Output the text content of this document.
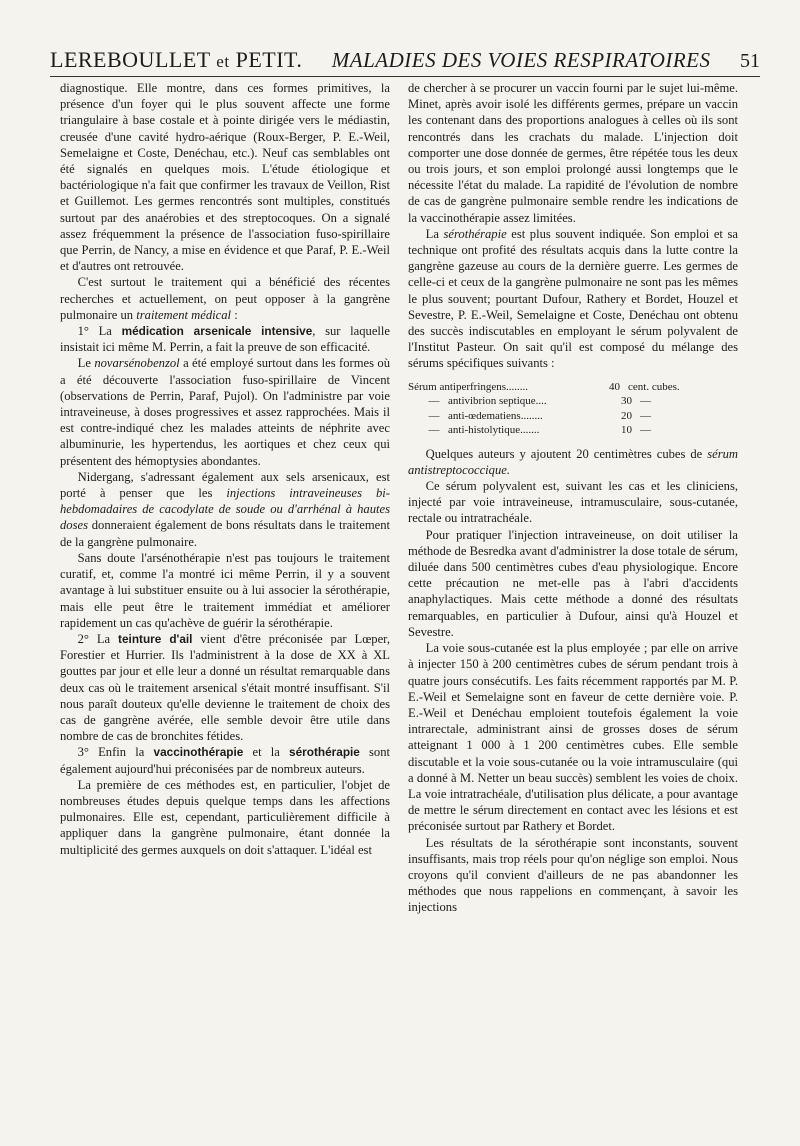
LEREBOULLET et PETIT. MALADIES DES VOIES RESPIRATOIRES 51

diagnostique. Elle montre, dans ces formes primitives, la présence d'un foyer qui le plus souvent affecte une forme triangulaire à base costale et à pointe dirigée vers le médiastin, creusée d'une cavité hydro-aérique (Roux-Berger, P. E.-Weil, Semelaigne et Coste, Denéchau, etc.). Neuf cas semblables ont été signalés en quelques mois. L'étude étiologique et bactériologique n'a fait que confirmer les travaux de Veillon, Rist et Guillemot. Les germes rencontrés sont multiples, constitués surtout par des anaérobies et des streptocoques. On a signalé assez fréquemment la présence de l'association fuso-spirillaire que Perrin, de Nancy, a mise en évidence et que Paraf, P. E.-Weil et d'autres ont retrouvée.

C'est surtout le traitement qui a bénéficié des récentes recherches et actuellement, on peut opposer à la gangrène pulmonaire un traitement médical :

1° La médication arsenicale intensive, sur laquelle insistait ici même M. Perrin, a fait la preuve de son efficacité.

Le novarsénobenzol a été employé surtout dans les formes où a été découverte l'association fuso-spirillaire de Vincent (observations de Perrin, Paraf, Pujol). On l'administre par voie intraveineuse, à doses progressives et assez rapprochées. Mais il est contre-indiqué chez les malades atteints de néphrite avec albuminurie, les hypertendus, les aortiques et chez ceux qui présentent des hémoptysies abondantes.

Nidergang, s'adressant également aux sels arsenicaux, est porté à penser que les injections intraveineuses bi-hebdomadaires de cacodylate de soude ou d'arrhénal à hautes doses donneraient également de bons résultats dans le traitement de la gangrène pulmonaire.

Sans doute l'arsénothérapie n'est pas toujours le traitement curatif, et, comme l'a montré ici même Perrin, il y a souvent avantage à lui substituer ensuite ou à lui associer la sérothérapie, mais elle peut être le traitement immédiat et améliorer rapidement un cas qu'achève de guérir la sérothérapie.

2° La teinture d'ail vient d'être préconisée par Lœper, Forestier et Hurrier. Ils l'administrent à la dose de XX à XL gouttes par jour et elle leur a donné un résultat remarquable dans deux cas où le traitement arsenical s'était montré insuffisant. S'il nous paraît douteux qu'elle devienne le traitement de choix des cas de gangrène avérée, elle semble devoir être utile dans nombre de cas de bronchites fétides.

3° Enfin la vaccinothérapie et la sérothérapie sont également aujourd'hui préconisées par de nombreux auteurs.

La première de ces méthodes est, en particulier, l'objet de nombreuses études depuis quelque temps dans les affections pulmonaires. Elle est, cependant, particulièrement difficile à appliquer dans la gangrène pulmonaire, étant donnée la multiplicité des germes auxquels on doit s'attaquer. L'idéal est

de chercher à se procurer un vaccin fourni par le sujet lui-même. Minet, après avoir isolé les différents germes, prépare un vaccin les contenant dans des proportions analogues à celles où ils sont rencontrés dans les crachats du malade. L'injection doit comporter une dose donnée de germes, être répétée tous les deux ou trois jours, et son emploi prolongé aussi longtemps que le nécessite l'état du malade. La rapidité de l'évolution de nombre de cas de gangrène pulmonaire semble rendre les indications de la vaccinothérapie assez limitées.

La sérothérapie est plus souvent indiquée. Son emploi et sa technique ont profité des résultats acquis dans la lutte contre la gangrène gazeuse au cours de la dernière guerre. Les germes de celle-ci et ceux de la gangrène pulmonaire ne sont pas les mêmes le plus souvent; pourtant Dufour, Rathery et Bordet, Houzel et Sevestre, P. E.-Weil, Semelaigne et Coste, Denéchau ont obtenu des succès indiscutables en employant le sérum polyvalent de l'Institut Pasteur. On sait qu'il est composé du mélange des sérums spécifiques suivants :

Sérum antiperfringens........	40 cent. cubes.
— antivibrion septique....	30 —
— anti-œdematiens........	20 —
— anti-histolytique.......	10 —

Quelques auteurs y ajoutent 20 centimètres cubes de sérum antistreptococcique.

Ce sérum polyvalent est, suivant les cas et les cliniciens, injecté par voie intraveineuse, intramusculaire, sous-cutanée, rectale ou intratrachéale.

Pour pratiquer l'injection intraveineuse, on doit utiliser la méthode de Besredka avant d'administrer la dose totale de sérum, diluée dans 500 centimètres cubes d'eau physiologique. Encore cette précaution ne met-elle pas à l'abri d'accidents anaphylactiques. Mais cette méthode a donné des résultats remarquables, en particulier à Dufour, ainsi qu'à Houzel et Sevestre.

La voie sous-cutanée est la plus employée ; par elle on arrive à injecter 150 à 200 centimètres cubes de sérum pendant trois à quatre jours consécutifs. Les faits récemment rapportés par M. P. E.-Weil et Semelaigne sont en faveur de cette dernière voie. P. E.-Weil et Denéchau emploient toutefois également la voie intrarectale, administrant ainsi de grosses doses de sérum atteignant 1 000 à 1 200 centimètres cubes. Elle semble discutable et la voie sous-cutanée ou la voie intramusculaire (qui a donné à M. Netter un beau succès) semblent les voies de choix. La voie intratrachéale, d'utilisation plus délicate, a pour avantage de mettre le sérum directement en contact avec les lésions et est préconisée surtout par Rathery et Bordet.

Les résultats de la sérothérapie sont inconstants, souvent insuffisants, mais trop réels pour qu'on néglige son emploi. Nous croyons qu'il convient d'ailleurs de ne pas abandonner les méthodes que nous rappelions en commençant, à savoir les injections
